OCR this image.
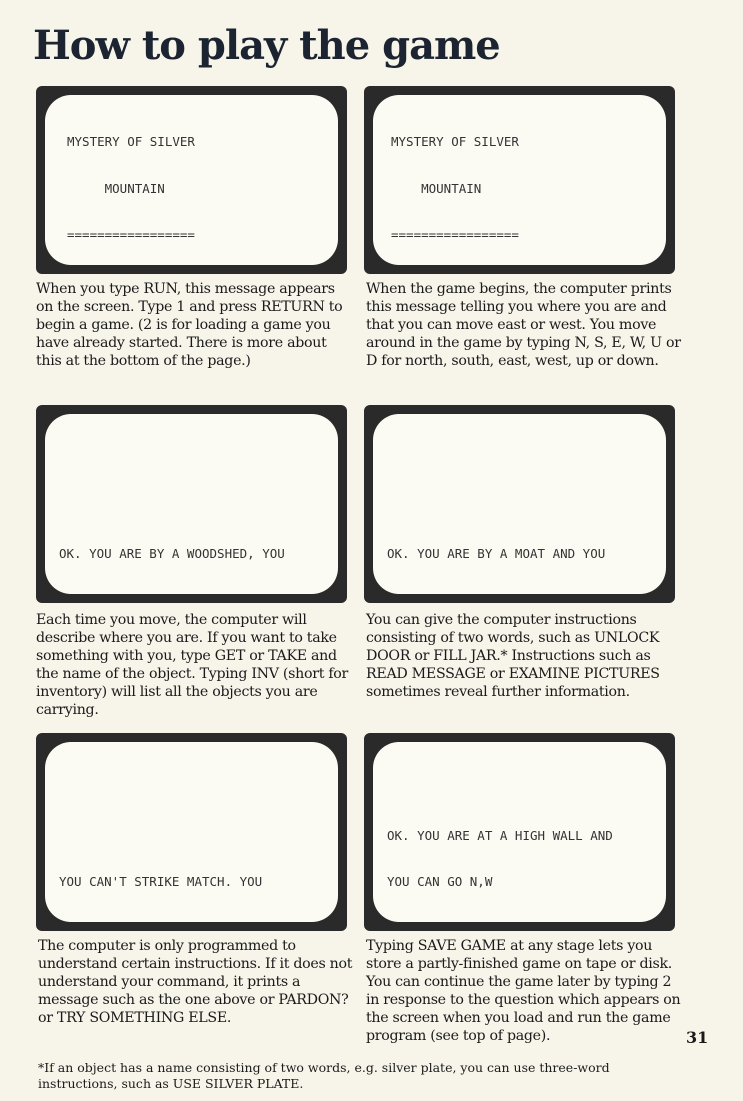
How to play the game

MYSTERY OF SILVER

MOUNTAIN

=================

When you type RUN, this message appears on the screen. Type 1 and press RETURN to begin a game. (2 is for loading a game you have already started. There is more about this at the bottom of the page.)

MYSTERY OF SILVER

MOUNTAIN

=================

When the game begins, the computer prints this message telling you where you are and that you can move east or west. You move around in the game by typing N, S, E, W, U or D for north, south, east, west, up or down.

OK. YOU ARE BY A WOODSHED, YOU

Each time you move, the computer will describe where you are. If you want to take something with you, type GET or TAKE and the name of the object. Typing INV (short for inventory) will list all the objects you are carrying.

OK. YOU ARE BY A MOAT AND YOU

You can give the computer instructions consisting of two words, such as UNLOCK DOOR or FILL JAR.* Instructions such as READ MESSAGE or EXAMINE PICTURES sometimes reveal further information.

YOU CAN'T STRIKE MATCH. YOU

The computer is only programmed to understand certain instructions. If it does not understand your command, it prints a message such as the one above or PARDON? or TRY SOMETHING ELSE.

OK. YOU ARE AT A HIGH WALL AND

YOU CAN GO N,W

Typing SAVE GAME at any stage lets you store a partly-finished game on tape or disk. You can continue the game later by typing 2 in response to the question which appears on the screen when you load and run the game program (see top of page).	31
*If an object has a name consisting of two words, e.g. silver plate, you can use three-word instructions, such as USE SILVER PLATE.
